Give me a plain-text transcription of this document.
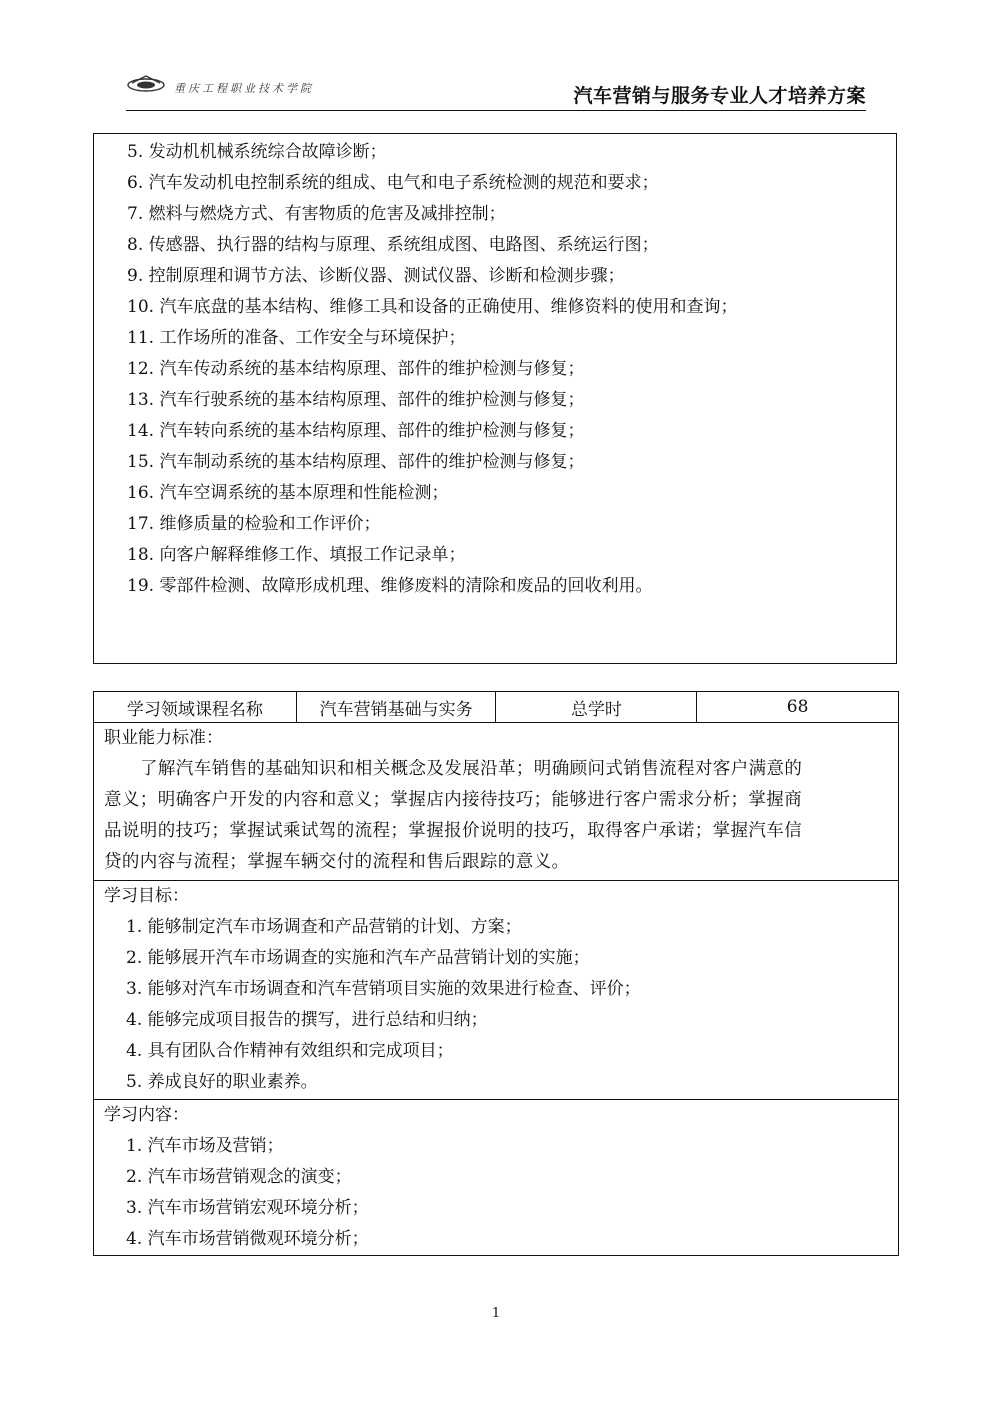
重庆工程职业技术学院	汽车营销与服务专业人才培养方案
5. 发动机机械系统综合故障诊断；
6. 汽车发动机电控制系统的组成、电气和电子系统检测的规范和要求；
7. 燃料与燃烧方式、有害物质的危害及减排控制；
8. 传感器、执行器的结构与原理、系统组成图、电路图、系统运行图；
9. 控制原理和调节方法、诊断仪器、测试仪器、诊断和检测步骤；
10. 汽车底盘的基本结构、维修工具和设备的正确使用、维修资料的使用和查询；
11. 工作场所的准备、工作安全与环境保护；
12. 汽车传动系统的基本结构原理、部件的维护检测与修复；
13. 汽车行驶系统的基本结构原理、部件的维护检测与修复；
14. 汽车转向系统的基本结构原理、部件的维护检测与修复；
15. 汽车制动系统的基本结构原理、部件的维护检测与修复；
16. 汽车空调系统的基本原理和性能检测；
17. 维修质量的检验和工作评价；
18. 向客户解释维修工作、填报工作记录单；
19. 零部件检测、故障形成机理、维修废料的清除和废品的回收利用。
学习领域课程名称	汽车营销基础与实务	总学时	68

职业能力标准：
了解汽车销售的基础知识和相关概念及发展沿革；明确顾问式销售流程对客户满意的
意义；明确客户开发的内容和意义；掌握店内接待技巧；能够进行客户需求分析；掌握商
品说明的技巧；掌握试乘试驾的流程；掌握报价说明的技巧，取得客户承诺；掌握汽车信
贷的内容与流程；掌握车辆交付的流程和售后跟踪的意义。

学习目标：
1. 能够制定汽车市场调查和产品营销的计划、方案；
2. 能够展开汽车市场调查的实施和汽车产品营销计划的实施；
3. 能够对汽车市场调查和汽车营销项目实施的效果进行检查、评价；
4. 能够完成项目报告的撰写，进行总结和归纳；
4. 具有团队合作精神有效组织和完成项目；
5. 养成良好的职业素养。

学习内容：
1. 汽车市场及营销；
2. 汽车市场营销观念的演变；
3. 汽车市场营销宏观环境分析；
4. 汽车市场营销微观环境分析；
1
